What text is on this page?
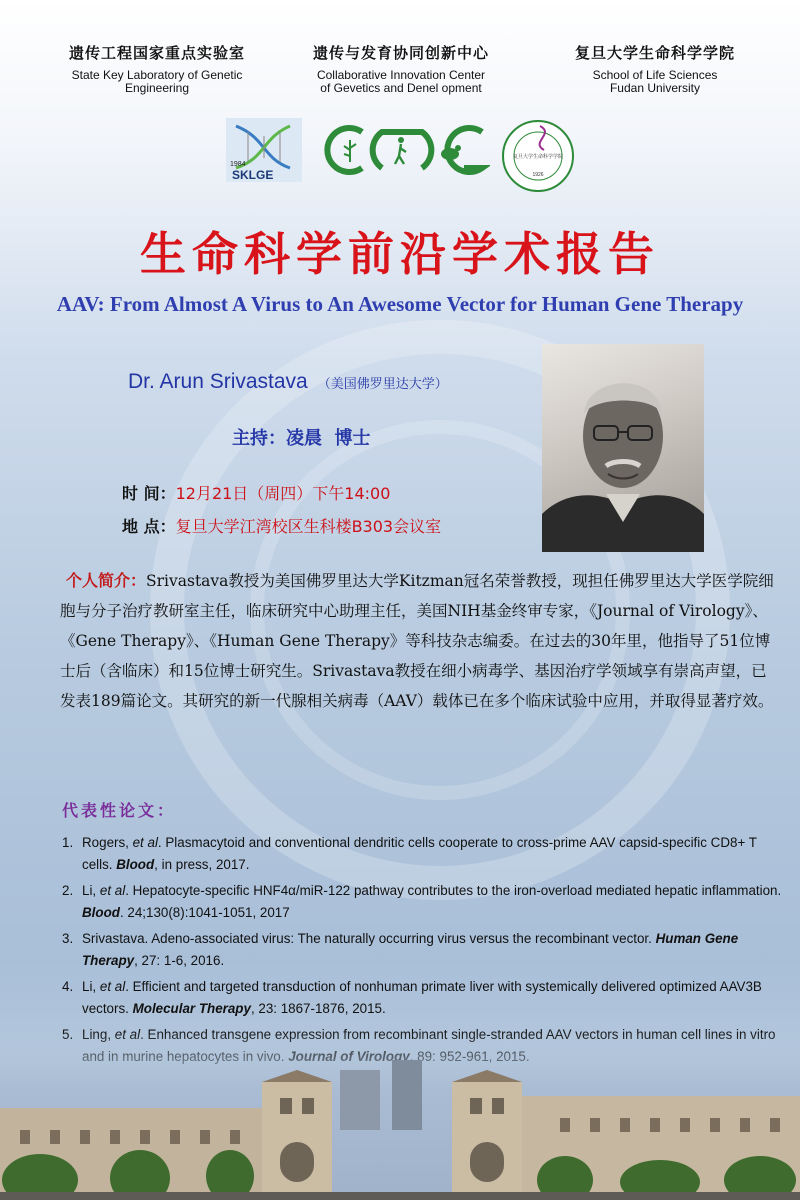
遗传工程国家重点实验室
State Key Laboratory of Genetic
Engineering
遗传与发育协同创新中心
Collaborative Innovation Center
of Gevetics and Denel opment
复旦大学生命科学学院
School of Life Sciences
Fudan University
1984
SKLGE
复旦大学生命科学学院
1926
生命科学前沿学术报告
AAV: From Almost A Virus to An Awesome Vector for Human Gene Therapy
Dr. Arun Srivastava （美国佛罗里达大学）
主持：凌晨  博士
时 间：12月21日（周四）下午14:00
地 点：复旦大学江湾校区生科楼B303会议室
个人简介：Srivastava教授为美国佛罗里达大学Kitzman冠名荣誉教授，现担任佛罗里达大学医学院细胞与分子治疗教研室主任，临床研究中心助理主任，美国NIH基金终审专家，《Journal of Virology》、《Gene Therapy》、《Human Gene Therapy》等科技杂志编委。在过去的30年里，他指导了51位博士后（含临床）和15位博士研究生。Srivastava教授在细小病毒学、基因治疗学领域享有崇高声望，已发表189篇论文。其研究的新一代腺相关病毒（AAV）载体已在多个临床试验中应用，并取得显著疗效。
代表性论文：
1. Rogers, et al. Plasmacytoid and conventional dendritic cells cooperate to cross-prime AAV capsid-specific CD8+ T cells. Blood, in press, 2017.
2. Li, et al. Hepatocyte-specific HNF4α/miR-122 pathway contributes to the iron-overload mediated hepatic inflammation. Blood. 24;130(8):1041-1051, 2017
3. Srivastava. Adeno-associated virus: The naturally occurring virus versus the recombinant vector. Human Gene Therapy, 27: 1-6, 2016.
4. Li, et al. Efficient and targeted transduction of nonhuman primate liver with systemically delivered optimized AAV3B vectors. Molecular Therapy, 23: 1867-1876, 2015.
